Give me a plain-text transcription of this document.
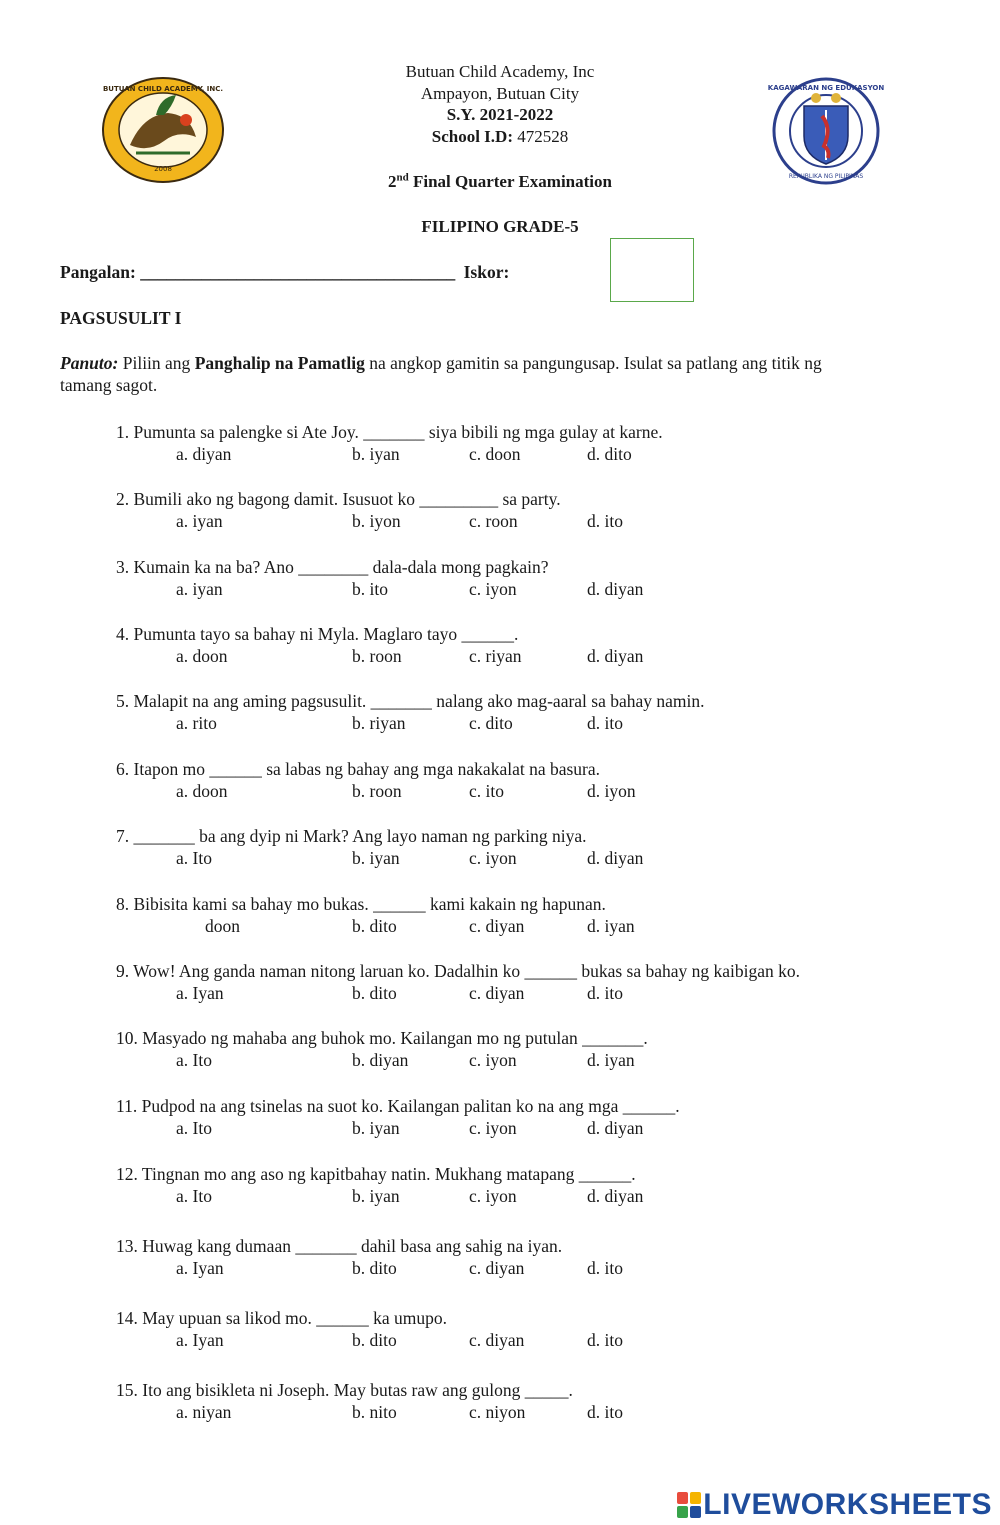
BUTUAN CHILD ACADEMY, INC.
2008
KAGAWARAN NG EDUKASYON
REPUBLIKA NG PILIPINAS
Butuan Child Academy, Inc
Ampayon, Butuan City
S.Y. 2021-2022
School I.D: 472528
2nd Final Quarter Examination
FILIPINO GRADE-5
Pangalan: ____________________________________ Iskor:
PAGSUSULIT I
Panuto: Piliin ang Panghalip na Pamatlig na angkop gamitin sa pangungusap. Isulat sa patlang ang titik ng
tamang sagot.
1. Pumunta sa palengke si Ate Joy. _______ siya bibili ng mga gulay at karne.
a. diyan	b. iyan	c. doon	d. dito
2. Bumili ako ng bagong damit. Isusuot ko _________ sa party.
a. iyan	b. iyon	c. roon	d. ito
3. Kumain ka na ba? Ano ________ dala-dala mong pagkain?
a. iyan	b. ito	c. iyon	d. diyan
4. Pumunta tayo sa bahay ni Myla. Maglaro tayo ______.
a. doon	b. roon	c. riyan	d. diyan
5. Malapit na ang aming pagsusulit. _______ nalang ako mag-aaral sa bahay namin.
a. rito	b. riyan	c. dito	d. ito
6. Itapon mo ______ sa labas ng bahay ang mga nakakalat na basura.
a. doon	b. roon	c. ito	d. iyon
7. _______ ba ang dyip ni Mark? Ang layo naman ng parking niya.
a. Ito	b. iyan	c. iyon	d. diyan
8. Bibisita kami sa bahay mo bukas. ______ kami kakain ng hapunan.
doon	b. dito	c. diyan	d. iyan
9. Wow! Ang ganda naman nitong laruan ko. Dadalhin ko ______ bukas sa bahay ng kaibigan ko.
a. Iyan	b. dito	c. diyan	d. ito
10. Masyado ng mahaba ang buhok mo. Kailangan mo ng putulan _______.
a. Ito	b. diyan	c. iyon	d. iyan
11. Pudpod na ang tsinelas na suot ko. Kailangan palitan ko na ang mga ______.
a. Ito	b. iyan	c. iyon	d. diyan
12. Tingnan mo ang aso ng kapitbahay natin. Mukhang matapang ______.
a. Ito	b. iyan	c. iyon	d. diyan
13. Huwag kang dumaan _______ dahil basa ang sahig na iyan.
a. Iyan	b. dito	c. diyan	d. ito
14. May upuan sa likod mo. ______ ka umupo.
a. Iyan	b. dito	c. diyan	d. ito
15. Ito ang bisikleta ni Joseph. May butas raw ang gulong _____.
a. niyan	b. nito	c. niyon	d. ito
LIVEWORKSHEETS
